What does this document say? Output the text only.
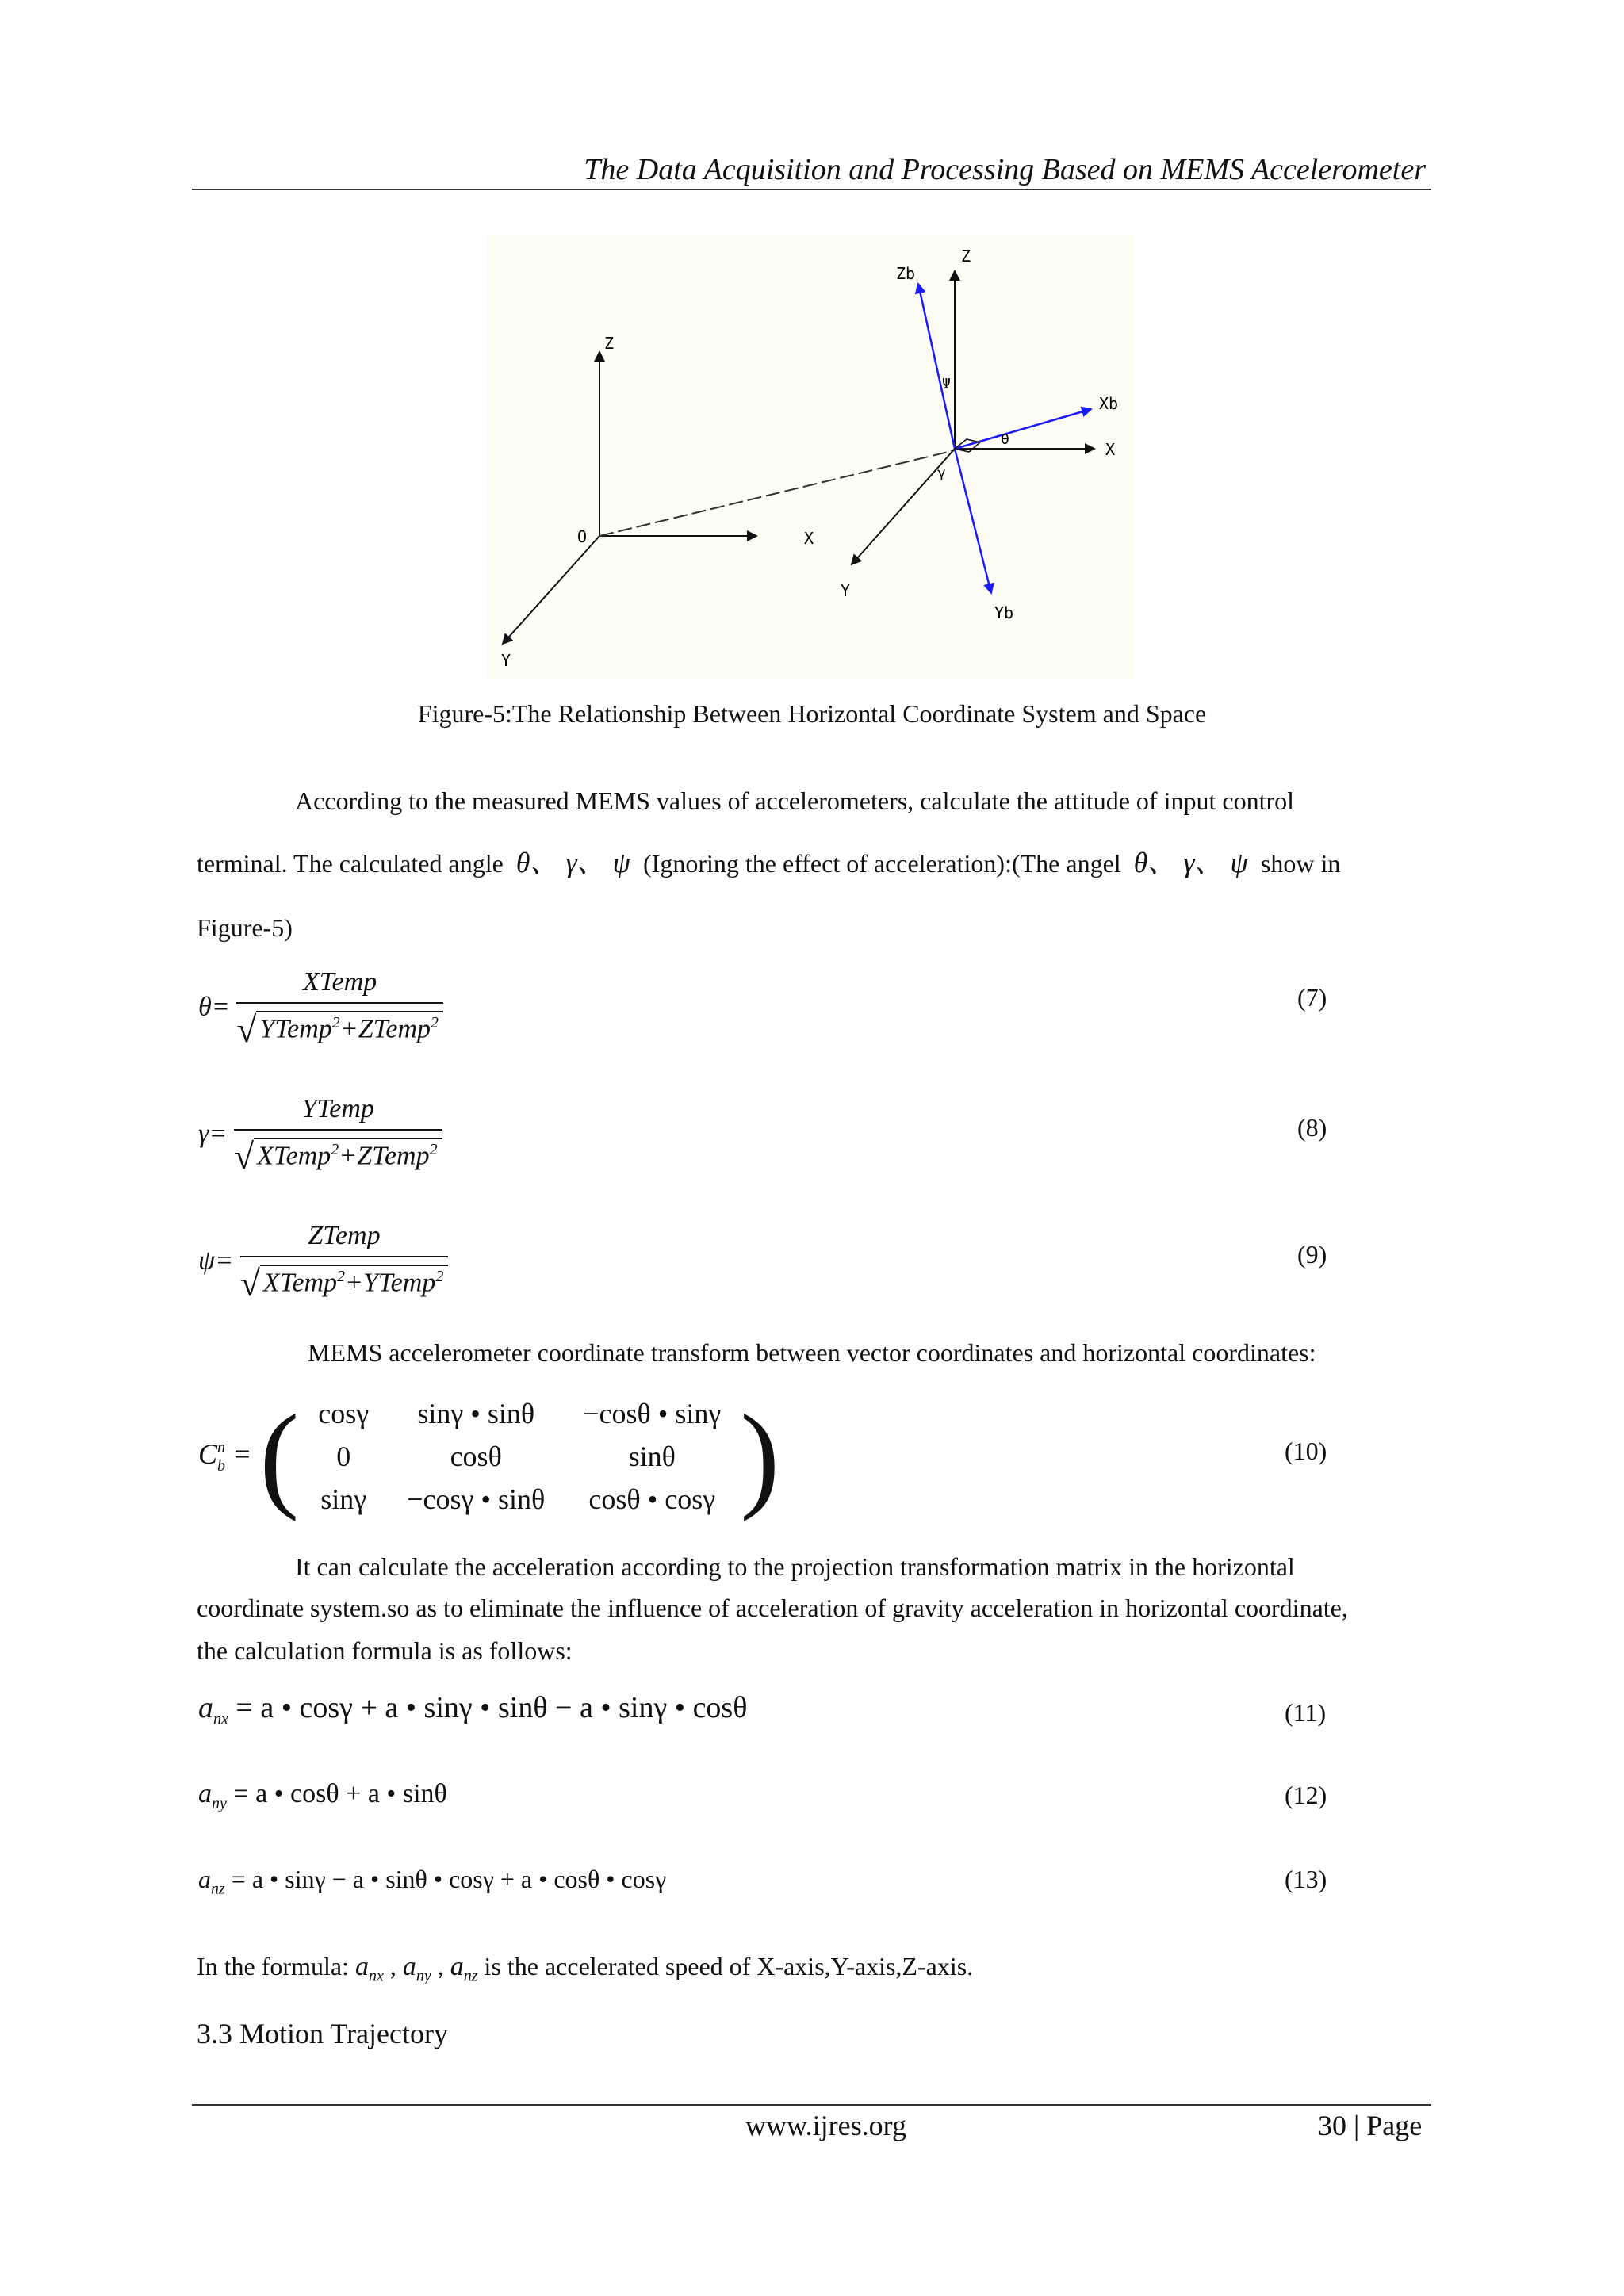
The Data Acquisition and Processing Based on MEMS Accelerometer
Z
O	X
Y
Zb
Z
Ψ
Xb
θ
X
γ
Y
Yb
Figure-5:The Relationship Between Horizontal Coordinate System and Space
According to the measured MEMS values of accelerometers, calculate the attitude of input control
terminal. The calculated angle θ、 γ、 ψ (Ignoring the effect of acceleration):(The angel θ、 γ、 ψ show in
Figure-5)
$\theta= \frac{\text{XTemp}}{√ YTemp^2+ZTemp^2}$	(7)
$\gamma= \frac{\text{YTemp}}{√ XTemp^2+ZTemp^2}$	(8)
$\psi= \frac{\text{ZTemp}}{√ XTemp^2+YTemp^2}$	(9)
MEMS accelerometer coordinate transform between vector coordinates and horizontal coordinates:
$C^n_b$ = ( cosγ	sinγ • sinθ	−cosθ • sinγ
0	cosθ	sinθ
sinγ	−cosγ • sinθ	cosθ • cosγ )	(10)
It can calculate the acceleration according to the projection transformation matrix in the horizontal
coordinate system.so as to eliminate the influence of acceleration of gravity acceleration in horizontal coordinate,
the calculation formula is as follows:
$a_{nx} = a$ • cosγ + a • sinγ • sinθ − a • sinγ • cosθ	(11)
$a_{ny} = a$ • cosθ + a • sinθ	(12)
$a_{nz} = a$ • sinγ − a • sinθ • cosγ + a • cosθ • cosγ	(13)
In the formula: $a_{nx}$ , $a_{ny}$ , $a_{nz}$ is the accelerated speed of X-axis,Y-axis,Z-axis.
3.3 Motion Trajectory
www.ijres.org	30 | Page
